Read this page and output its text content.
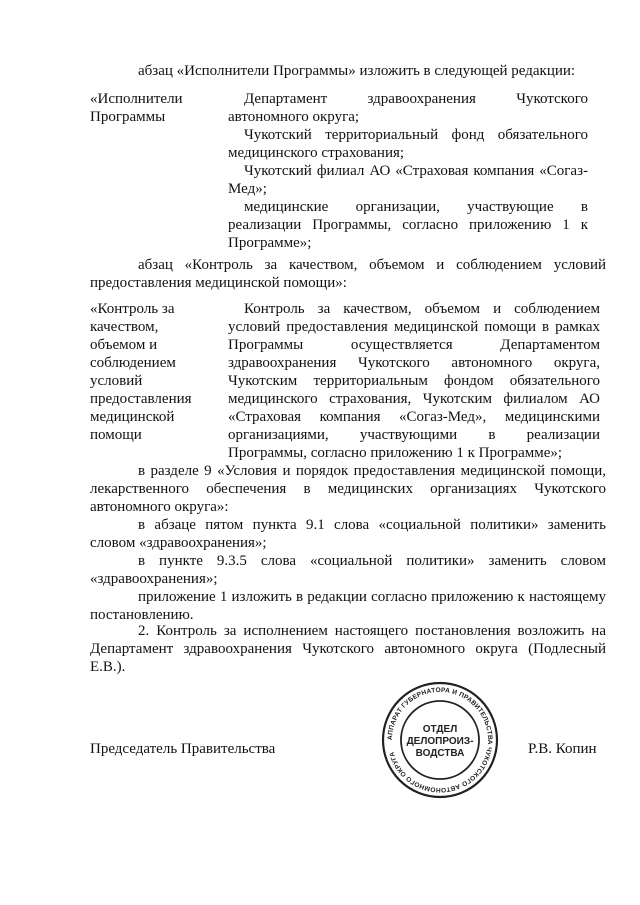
абзац «Исполнители Программы» изложить в следующей редакции:
«Исполнители Программы
Департамент здравоохранения Чукотского автономного округа;
Чукотский территориальный фонд обязательного медицинского страхования;
Чукотский филиал АО «Страховая компания «Согаз-Мед»;
медицинские организации, участвующие в реализации Программы, согласно приложению 1 к Программе»;
абзац «Контроль за качеством, объемом и соблюдением условий предоставления медицинской помощи»:
«Контроль за качеством, объемом и соблюдением условий предоставления медицинской помощи
Контроль за качеством, объемом и соблюдением условий предоставления медицинской помощи в рамках Программы осуществляется Департаментом здравоохранения Чукотского автономного округа, Чукотским территориальным фондом обязательного медицинского страхования, Чукотским филиалом АО «Страховая компания «Согаз-Мед», медицинскими организациями, участвующими в реализации Программы, согласно приложению 1 к Программе»;
в разделе 9 «Условия и порядок предоставления медицинской помощи, лекарственного обеспечения в медицинских организациях Чукотского автономного округа»:
в абзаце пятом пункта 9.1 слова «социальной политики» заменить словом «здравоохранения»;
в пункте 9.3.5 слова «социальной политики» заменить словом «здравоохранения»;
приложение 1 изложить в редакции согласно приложению к настоящему постановлению.
2. Контроль за исполнением настоящего постановления возложить на Департамент здравоохранения Чукотского автономного округа (Подлесный Е.В.).
Председатель Правительства	Р.В. Копин
АППАРАТ ГУБЕРНАТОРА И ПРАВИТЕЛЬСТВА ЧУКОТСКОГО АВТОНОМНОГО ОКРУГА
ОТДЕЛ
ДЕЛОПРОИЗ-
ВОДСТВА
